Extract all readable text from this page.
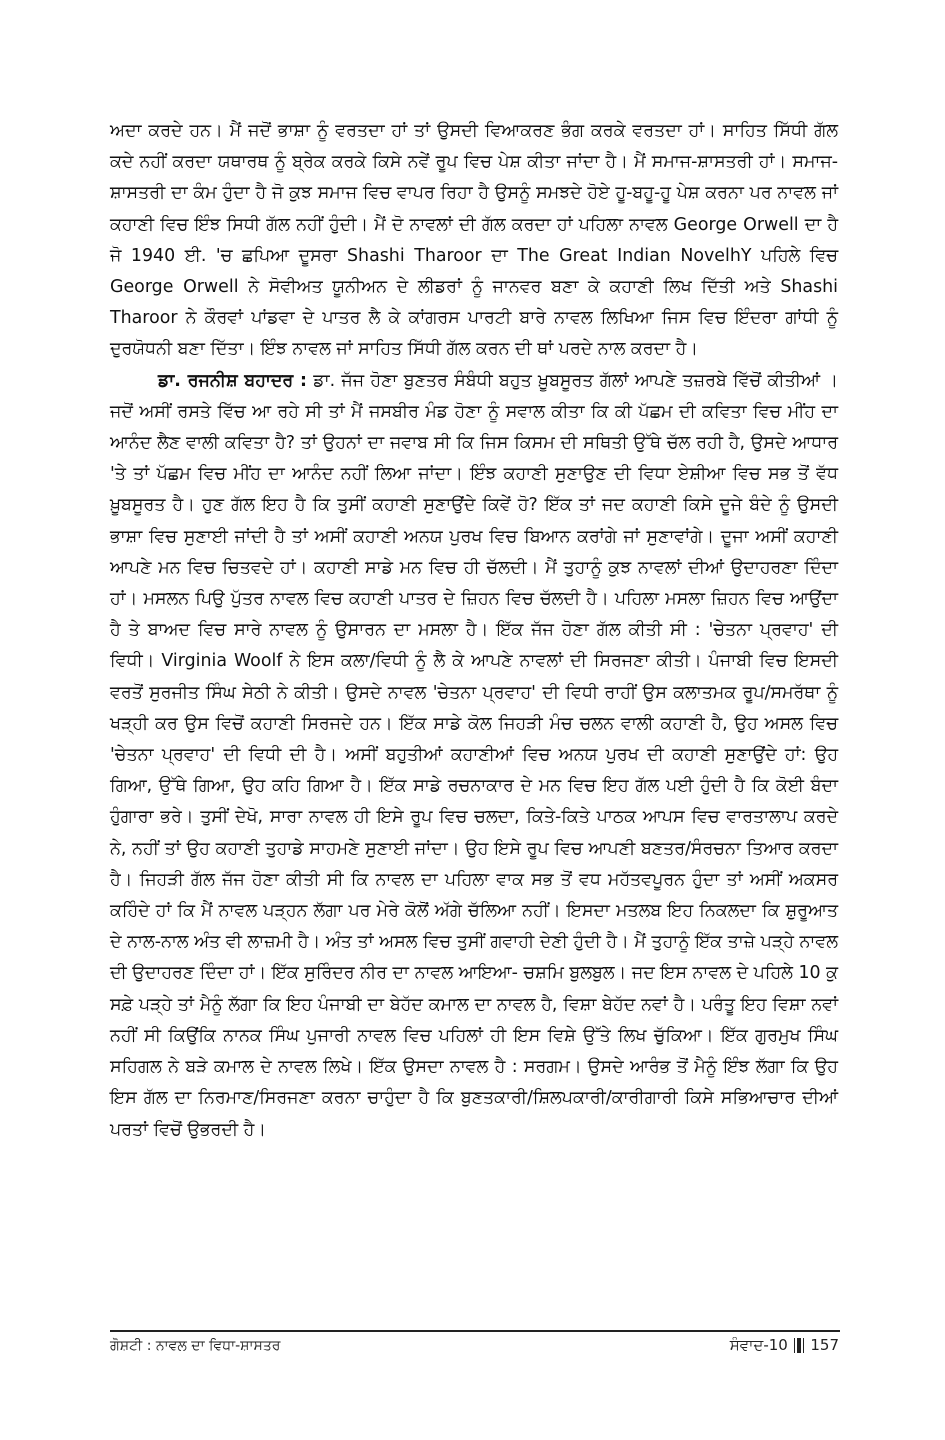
ਅਦਾ ਕਰਦੇ ਹਨ। ਮੈਂ ਜਦੋਂ ਭਾਸ਼ਾ ਨੂੰ ਵਰਤਦਾ ਹਾਂ ਤਾਂ ਉਸਦੀ ਵਿਆਕਰਣ ਭੰਗ ਕਰਕੇ ਵਰਤਦਾ ਹਾਂ। ਸਾਹਿਤ ਸਿੱਧੀ ਗੱਲ ਕਦੇ ਨਹੀਂ ਕਰਦਾ ਯਥਾਰਥ ਨੂੰ ਬ੍ਰੇਕ ਕਰਕੇ ਕਿਸੇ ਨਵੇਂ ਰੂਪ ਵਿਚ ਪੇਸ਼ ਕੀਤਾ ਜਾਂਦਾ ਹੈ। ਮੈਂ ਸਮਾਜ-ਸ਼ਾਸਤਰੀ ਹਾਂ। ਸਮਾਜ-ਸ਼ਾਸਤਰੀ ਦਾ ਕੰਮ ਹੁੰਦਾ ਹੈ ਜੋ ਕੁਝ ਸਮਾਜ ਵਿਚ ਵਾਪਰ ਰਿਹਾ ਹੈ ਉਸਨੂੰ ਸਮਝਦੇ ਹੋਏ ਹੂ-ਬਹੂ-ਹੂ ਪੇਸ਼ ਕਰਨਾ ਪਰ ਨਾਵਲ ਜਾਂ ਕਹਾਣੀ ਵਿਚ ਇੰਝ ਸਿਧੀ ਗੱਲ ਨਹੀਂ ਹੁੰਦੀ। ਮੈਂ ਦੋ ਨਾਵਲਾਂ ਦੀ ਗੱਲ ਕਰਦਾ ਹਾਂ ਪਹਿਲਾ ਨਾਵਲ George Orwell ਦਾ ਹੈ ਜੋ 1940 ਈ. 'ਚ ਛਪਿਆ ਦੂਸਰਾ Shashi Tharoor ਦਾ The Great Indian NovelhY ਪਹਿਲੇ ਵਿਚ George Orwell ਨੇ ਸੋਵੀਅਤ ਯੂਨੀਅਨ ਦੇ ਲੀਡਰਾਂ ਨੂੰ ਜਾਨਵਰ ਬਣਾ ਕੇ ਕਹਾਣੀ ਲਿਖ ਦਿੱਤੀ ਅਤੇ Shashi Tharoor ਨੇ ਕੌਰਵਾਂ ਪਾਂਡਵਾ ਦੇ ਪਾਤਰ ਲੈ ਕੇ ਕਾਂਗਰਸ ਪਾਰਟੀ ਬਾਰੇ ਨਾਵਲ ਲਿਖਿਆ ਜਿਸ ਵਿਚ ਇੰਦਰਾ ਗਾਂਧੀ ਨੂੰ ਦੁਰਯੋਧਨੀ ਬਣਾ ਦਿੱਤਾ। ਇੰਝ ਨਾਵਲ ਜਾਂ ਸਾਹਿਤ ਸਿੱਧੀ ਗੱਲ ਕਰਨ ਦੀ ਥਾਂ ਪਰਦੇ ਨਾਲ ਕਰਦਾ ਹੈ।

ਡਾ. ਰਜਨੀਸ਼ ਬਹਾਦਰ : ਡਾ. ਜੱਜ ਹੋਣਾ ਬੁਣਤਰ ਸੰਬੰਧੀ ਬਹੁਤ ਖ਼ੂਬਸੂਰਤ ਗੱਲਾਂ ਆਪਣੇ ਤਜ਼ਰਬੇ ਵਿੱਚੋਂ ਕੀਤੀਆਂ । ਜਦੋਂ ਅਸੀਂ ਰਸਤੇ ਵਿੱਚ ਆ ਰਹੇ ਸੀ ਤਾਂ ਮੈਂ ਜਸਬੀਰ ਮੰਡ ਹੋਣਾ ਨੂੰ ਸਵਾਲ ਕੀਤਾ ਕਿ ਕੀ ਪੱਛਮ ਦੀ ਕਵਿਤਾ ਵਿਚ ਮੀਂਹ ਦਾ ਆਨੰਦ ਲੈਣ ਵਾਲੀ ਕਵਿਤਾ ਹੈ? ਤਾਂ ਉਹਨਾਂ ਦਾ ਜਵਾਬ ਸੀ ਕਿ ਜਿਸ ਕਿਸਮ ਦੀ ਸਥਿਤੀ ਉੱਥੇ ਚੱਲ ਰਹੀ ਹੈ, ਉਸਦੇ ਆਧਾਰ 'ਤੇ ਤਾਂ ਪੱਛਮ ਵਿਚ ਮੀਂਹ ਦਾ ਆਨੰਦ ਨਹੀਂ ਲਿਆ ਜਾਂਦਾ। ਇੰਝ ਕਹਾਣੀ ਸੁਣਾਉਣ ਦੀ ਵਿਧਾ ਏਸ਼ੀਆ ਵਿਚ ਸਭ ਤੋਂ ਵੱਧ ਖ਼ੂਬਸੂਰਤ ਹੈ। ਹੁਣ ਗੱਲ ਇਹ ਹੈ ਕਿ ਤੁਸੀਂ ਕਹਾਣੀ ਸੁਣਾਉਂਦੇ ਕਿਵੇਂ ਹੋ? ਇੱਕ ਤਾਂ ਜਦ ਕਹਾਣੀ ਕਿਸੇ ਦੂਜੇ ਬੰਦੇ ਨੂੰ ਉਸਦੀ ਭਾਸ਼ਾ ਵਿਚ ਸੁਣਾਈ ਜਾਂਦੀ ਹੈ ਤਾਂ ਅਸੀਂ ਕਹਾਣੀ ਅਨਯ ਪੁਰਖ ਵਿਚ ਬਿਆਨ ਕਰਾਂਗੇ ਜਾਂ ਸੁਣਾਵਾਂਗੇ। ਦੂਜਾ ਅਸੀਂ ਕਹਾਣੀ ਆਪਣੇ ਮਨ ਵਿਚ ਚਿਤਵਦੇ ਹਾਂ। ਕਹਾਣੀ ਸਾਡੇ ਮਨ ਵਿਚ ਹੀ ਚੱਲਦੀ। ਮੈਂ ਤੁਹਾਨੂੰ ਕੁਝ ਨਾਵਲਾਂ ਦੀਆਂ ਉਦਾਹਰਣਾ ਦਿੰਦਾ ਹਾਂ। ਮਸਲਨ ਪਿਉ ਪੁੱਤਰ ਨਾਵਲ ਵਿਚ ਕਹਾਣੀ ਪਾਤਰ ਦੇ ਜ਼ਿਹਨ ਵਿਚ ਚੱਲਦੀ ਹੈ। ਪਹਿਲਾ ਮਸਲਾ ਜ਼ਿਹਨ ਵਿਚ ਆਉਂਦਾ ਹੈ ਤੇ ਬਾਅਦ ਵਿਚ ਸਾਰੇ ਨਾਵਲ ਨੂੰ ਉਸਾਰਨ ਦਾ ਮਸਲਾ ਹੈ। ਇੱਕ ਜੱਜ ਹੋਣਾ ਗੱਲ ਕੀਤੀ ਸੀ : 'ਚੇਤਨਾ ਪ੍ਰਵਾਹ' ਦੀ ਵਿਧੀ। Virginia Woolf ਨੇ ਇਸ ਕਲਾ/ਵਿਧੀ ਨੂੰ ਲੈ ਕੇ ਆਪਣੇ ਨਾਵਲਾਂ ਦੀ ਸਿਰਜਣਾ ਕੀਤੀ। ਪੰਜਾਬੀ ਵਿਚ ਇਸਦੀ ਵਰਤੋਂ ਸੁਰਜੀਤ ਸਿੰਘ ਸੇਠੀ ਨੇ ਕੀਤੀ। ਉਸਦੇ ਨਾਵਲ 'ਚੇਤਨਾ ਪ੍ਰਵਾਹ' ਦੀ ਵਿਧੀ ਰਾਹੀਂ ਉਸ ਕਲਾਤਮਕ ਰੂਪ/ਸਮਰੱਥਾ ਨੂੰ ਖੜ੍ਹੀ ਕਰ ਉਸ ਵਿਚੋਂ ਕਹਾਣੀ ਸਿਰਜਦੇ ਹਨ। ਇੱਕ ਸਾਡੇ ਕੋਲ ਜਿਹੜੀ ਮੰਚ ਚਲਨ ਵਾਲੀ ਕਹਾਣੀ ਹੈ, ਉਹ ਅਸਲ ਵਿਚ 'ਚੇਤਨਾ ਪ੍ਰਵਾਹ' ਦੀ ਵਿਧੀ ਦੀ ਹੈ। ਅਸੀਂ ਬਹੁਤੀਆਂ ਕਹਾਣੀਆਂ ਵਿਚ ਅਨਯ ਪੁਰਖ ਦੀ ਕਹਾਣੀ ਸੁਣਾਉਂਦੇ ਹਾਂ: ਉਹ ਗਿਆ, ਉੱਥੇ ਗਿਆ, ਉਹ ਕਹਿ ਗਿਆ ਹੈ। ਇੱਕ ਸਾਡੇ ਰਚਨਾਕਾਰ ਦੇ ਮਨ ਵਿਚ ਇਹ ਗੱਲ ਪਈ ਹੁੰਦੀ ਹੈ ਕਿ ਕੋਈ ਬੰਦਾ ਹੁੰਗਾਰਾ ਭਰੇ। ਤੁਸੀਂ ਦੇਖੋ, ਸਾਰਾ ਨਾਵਲ ਹੀ ਇਸੇ ਰੂਪ ਵਿਚ ਚਲਦਾ, ਕਿਤੇ-ਕਿਤੇ ਪਾਠਕ ਆਪਸ ਵਿਚ ਵਾਰਤਾਲਾਪ ਕਰਦੇ ਨੇ, ਨਹੀਂ ਤਾਂ ਉਹ ਕਹਾਣੀ ਤੁਹਾਡੇ ਸਾਹਮਣੇ ਸੁਣਾਈ ਜਾਂਦਾ। ਉਹ ਇਸੇ ਰੂਪ ਵਿਚ ਆਪਣੀ ਬਣਤਰ/ਸੰਰਚਨਾ ਤਿਆਰ ਕਰਦਾ ਹੈ। ਜਿਹੜੀ ਗੱਲ ਜੱਜ ਹੋਣਾ ਕੀਤੀ ਸੀ ਕਿ ਨਾਵਲ ਦਾ ਪਹਿਲਾ ਵਾਕ ਸਭ ਤੋਂ ਵਧ ਮਹੱਤਵਪੂਰਨ ਹੁੰਦਾ ਤਾਂ ਅਸੀਂ ਅਕਸਰ ਕਹਿੰਦੇ ਹਾਂ ਕਿ ਮੈਂ ਨਾਵਲ ਪੜ੍ਹਨ ਲੱਗਾ ਪਰ ਮੇਰੇ ਕੋਲੋਂ ਅੱਗੇ ਚੱਲਿਆ ਨਹੀਂ। ਇਸਦਾ ਮਤਲਬ ਇਹ ਨਿਕਲਦਾ ਕਿ ਸ਼ੁਰੂਆਤ ਦੇ ਨਾਲ-ਨਾਲ ਅੰਤ ਵੀ ਲਾਜ਼ਮੀ ਹੈ। ਅੰਤ ਤਾਂ ਅਸਲ ਵਿਚ ਤੁਸੀਂ ਗਵਾਹੀ ਦੇਣੀ ਹੁੰਦੀ ਹੈ। ਮੈਂ ਤੁਹਾਨੂੰ ਇੱਕ ਤਾਜ਼ੇ ਪੜ੍ਹੇ ਨਾਵਲ ਦੀ ਉਦਾਹਰਣ ਦਿੰਦਾ ਹਾਂ। ਇੱਕ ਸੁਰਿੰਦਰ ਨੀਰ ਦਾ ਨਾਵਲ ਆਇਆ- ਚਸ਼ਮਿ ਬੁਲਬੁਲ। ਜਦ ਇਸ ਨਾਵਲ ਦੇ ਪਹਿਲੇ 10 ਕੁ ਸਫ਼ੇ ਪੜ੍ਹੇ ਤਾਂ ਮੈਨੂੰ ਲੱਗਾ ਕਿ ਇਹ ਪੰਜਾਬੀ ਦਾ ਬੇਹੱਦ ਕਮਾਲ ਦਾ ਨਾਵਲ ਹੈ, ਵਿਸ਼ਾ ਬੇਹੱਦ ਨਵਾਂ ਹੈ। ਪਰੰਤੂ ਇਹ ਵਿਸ਼ਾ ਨਵਾਂ ਨਹੀਂ ਸੀ ਕਿਉਂਕਿ ਨਾਨਕ ਸਿੰਘ ਪੁਜਾਰੀ ਨਾਵਲ ਵਿਚ ਪਹਿਲਾਂ ਹੀ ਇਸ ਵਿਸ਼ੇ ਉੱਤੇ ਲਿਖ ਚੁੱਕਿਆ। ਇੱਕ ਗੁਰਮੁਖ ਸਿੰਘ ਸਹਿਗਲ ਨੇ ਬੜੇ ਕਮਾਲ ਦੇ ਨਾਵਲ ਲਿਖੇ। ਇੱਕ ਉਸਦਾ ਨਾਵਲ ਹੈ : ਸਰਗਮ। ਉਸਦੇ ਆਰੰਭ ਤੋਂ ਮੈਨੂੰ ਇੰਝ ਲੱਗਾ ਕਿ ਉਹ ਇਸ ਗੱਲ ਦਾ ਨਿਰਮਾਣ/ਸਿਰਜਣਾ ਕਰਨਾ ਚਾਹੁੰਦਾ ਹੈ ਕਿ ਬੁਣਤਕਾਰੀ/ਸ਼ਿਲਪਕਾਰੀ/ਕਾਰੀਗਾਰੀ ਕਿਸੇ ਸਭਿਆਚਾਰ ਦੀਆਂ ਪਰਤਾਂ ਵਿਚੋਂ ਉਭਰਦੀ ਹੈ।

ਗੋਸ਼ਟੀ : ਨਾਵਲ ਦਾ ਵਿਧਾ-ਸ਼ਾਸਤਰ	ਸੰਵਾਦ-10 157
